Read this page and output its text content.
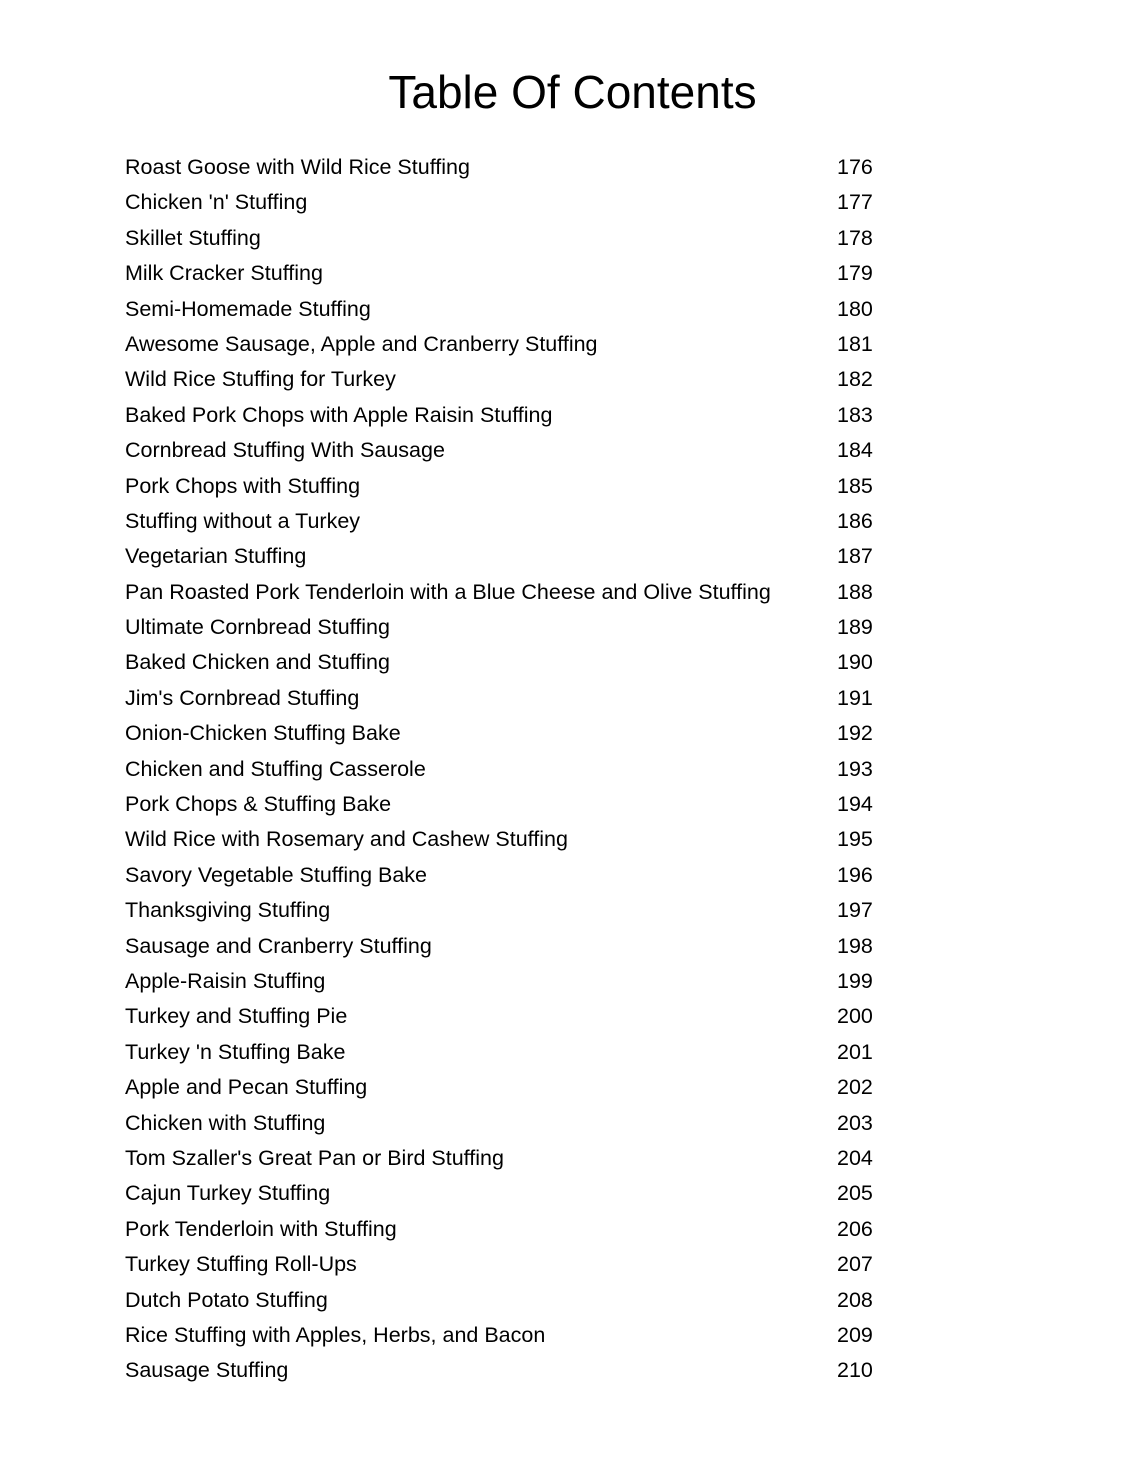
Table Of Contents
Roast Goose with Wild Rice Stuffing	176
Chicken 'n' Stuffing	177
Skillet Stuffing	178
Milk Cracker Stuffing	179
Semi-Homemade Stuffing	180
Awesome Sausage, Apple and Cranberry Stuffing	181
Wild Rice Stuffing for Turkey	182
Baked Pork Chops with Apple Raisin Stuffing	183
Cornbread Stuffing With Sausage	184
Pork Chops with Stuffing	185
Stuffing without a Turkey	186
Vegetarian Stuffing	187
Pan Roasted Pork Tenderloin with a Blue Cheese and Olive Stuffing	188
Ultimate Cornbread Stuffing	189
Baked Chicken and Stuffing	190
Jim's Cornbread Stuffing	191
Onion-Chicken Stuffing Bake	192
Chicken and Stuffing Casserole	193
Pork Chops & Stuffing Bake	194
Wild Rice with Rosemary and Cashew Stuffing	195
Savory Vegetable Stuffing Bake	196
Thanksgiving Stuffing	197
Sausage and Cranberry Stuffing	198
Apple-Raisin Stuffing	199
Turkey and Stuffing Pie	200
Turkey 'n Stuffing Bake	201
Apple and Pecan Stuffing	202
Chicken with Stuffing	203
Tom Szaller's Great Pan or Bird Stuffing	204
Cajun Turkey Stuffing	205
Pork Tenderloin with Stuffing	206
Turkey Stuffing Roll-Ups	207
Dutch Potato Stuffing	208
Rice Stuffing with Apples, Herbs, and Bacon	209
Sausage Stuffing	210
